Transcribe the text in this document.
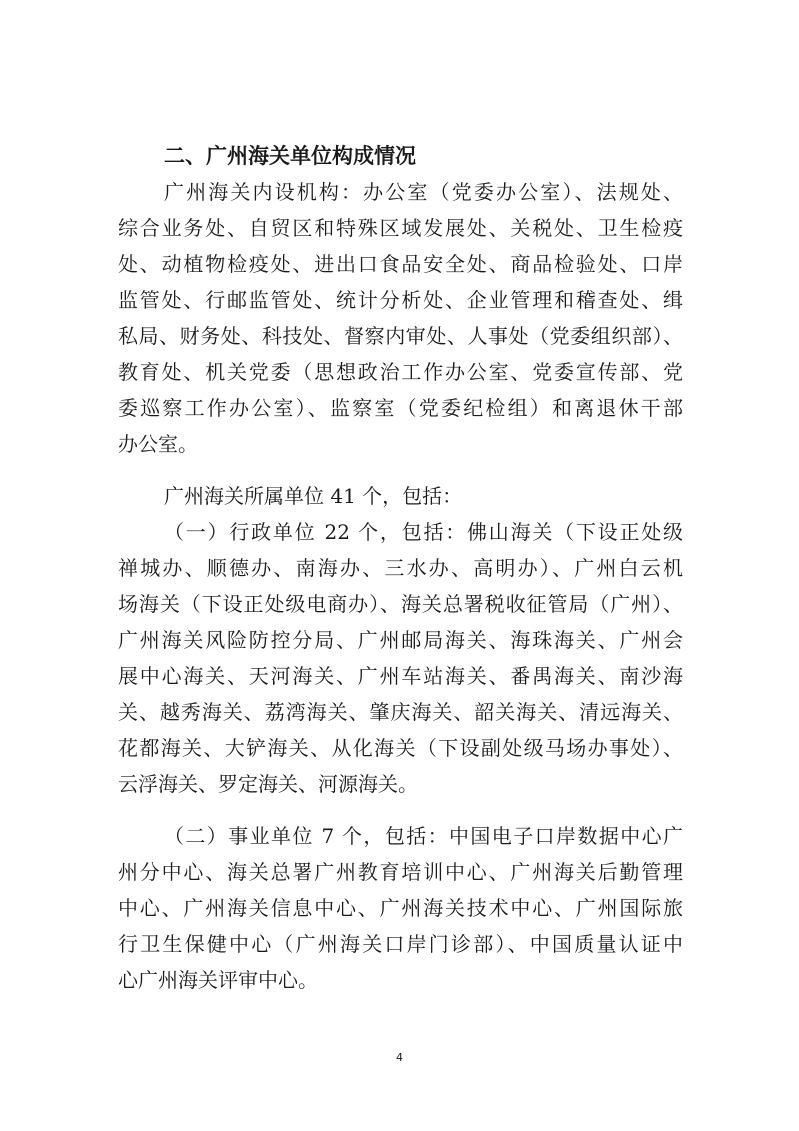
二、广州海关单位构成情况
广州海关内设机构：办公室（党委办公室）、法规处、
综合业务处、自贸区和特殊区域发展处、关税处、卫生检疫
处、动植物检疫处、进出口食品安全处、商品检验处、口岸
监管处、行邮监管处、统计分析处、企业管理和稽查处、缉
私局、财务处、科技处、督察内审处、人事处（党委组织部）、
教育处、机关党委（思想政治工作办公室、党委宣传部、党
委巡察工作办公室）、监察室（党委纪检组）和离退休干部
办公室。
广州海关所属单位 41 个，包括：
（一）行政单位 22 个，包括：佛山海关（下设正处级
禅城办、顺德办、南海办、三水办、高明办）、广州白云机
场海关（下设正处级电商办）、海关总署税收征管局（广州）、
广州海关风险防控分局、广州邮局海关、海珠海关、广州会
展中心海关、天河海关、广州车站海关、番禺海关、南沙海
关、越秀海关、荔湾海关、肇庆海关、韶关海关、清远海关、
花都海关、大铲海关、从化海关（下设副处级马场办事处）、
云浮海关、罗定海关、河源海关。
（二）事业单位 7 个，包括：中国电子口岸数据中心广
州分中心、海关总署广州教育培训中心、广州海关后勤管理
中心、广州海关信息中心、广州海关技术中心、广州国际旅
行卫生保健中心（广州海关口岸门诊部）、中国质量认证中
心广州海关评审中心。
4
